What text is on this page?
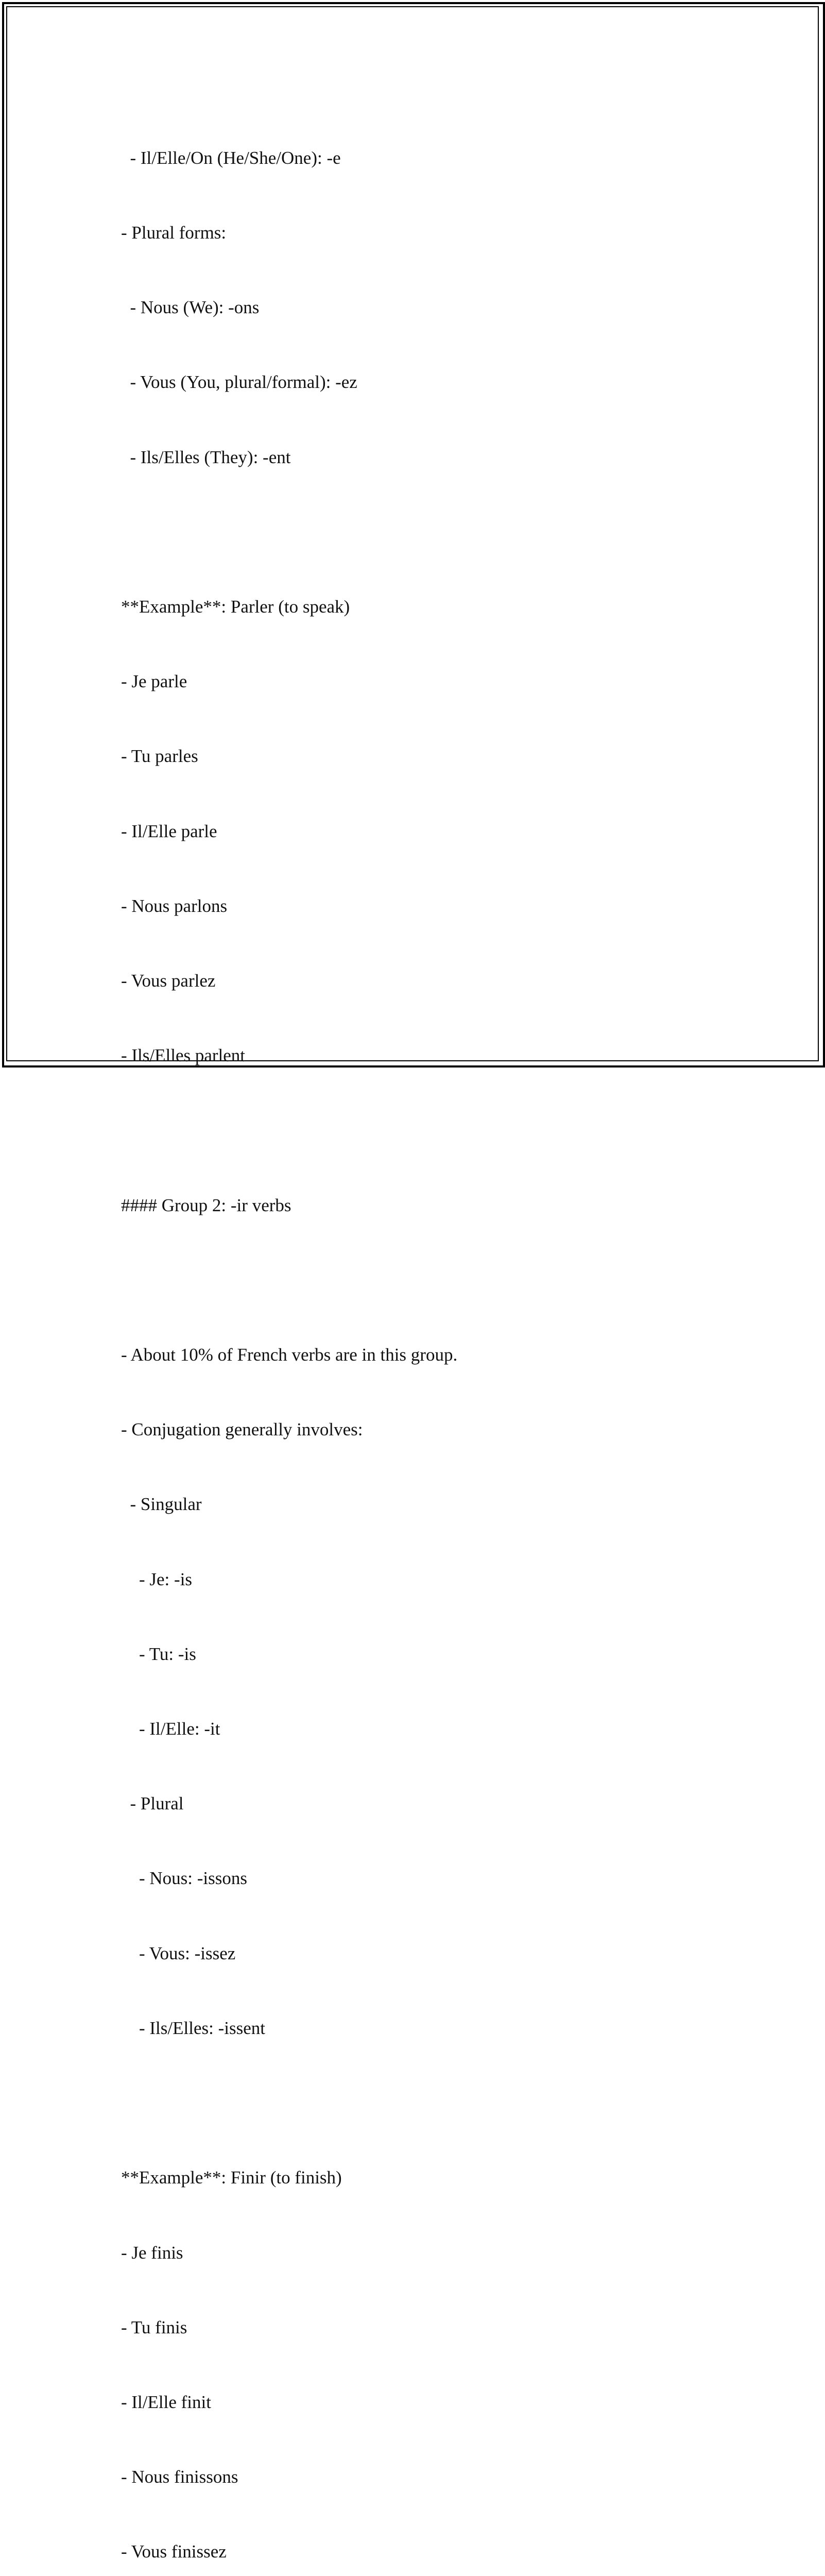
- Il/Elle/On (He/She/One): -e

- Plural forms:

- Nous (We): -ons

- Vous (You, plural/formal): -ez

- Ils/Elles (They): -ent

**Example**: Parler (to speak)

- Je parle

- Tu parles

- Il/Elle parle

- Nous parlons

- Vous parlez

- Ils/Elles parlent

#### Group 2: -ir verbs

- About 10% of French verbs are in this group.

- Conjugation generally involves:

- Singular

- Je: -is

- Tu: -is

- Il/Elle: -it

- Plural

- Nous: -issons

- Vous: -issez

- Ils/Elles: -issent

**Example**: Finir (to finish)

- Je finis

- Tu finis

- Il/Elle finit

- Nous finissons

- Vous finissez
